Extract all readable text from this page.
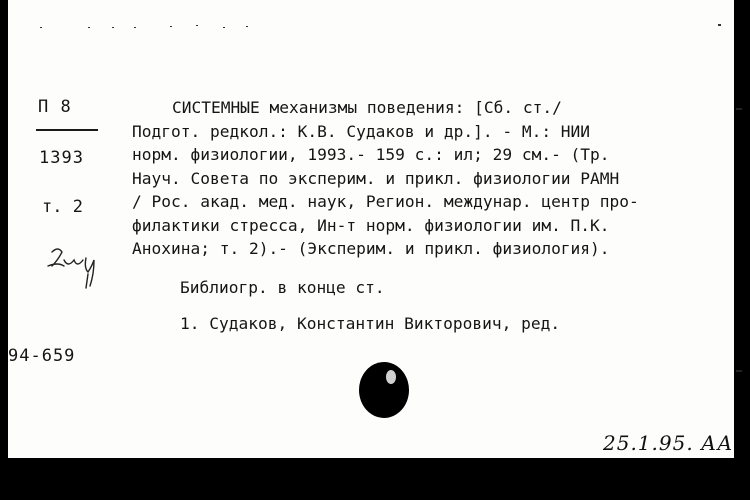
П 8
1393
т. 2
94-659
СИСТЕМНЫЕ механизмы поведения: [Сб. ст./
Подгот. редкол.: К.В. Судаков и др.]. - М.: НИИ
норм. физиологии, 1993.- 159 с.: ил; 29 см.- (Тр.
Науч. Совета по эксперим. и прикл. физиологии РАМН
/ Рос. акад. мед. наук, Регион. междунар. центр про-
филактики стресса, Ин-т норм. физиологии им. П.К.
Анохина; т. 2).- (Эксперим. и прикл. физиология).
Библиогр. в конце ст.
1. Судаков, Константин Викторович, ред.
25.1.95. АА
